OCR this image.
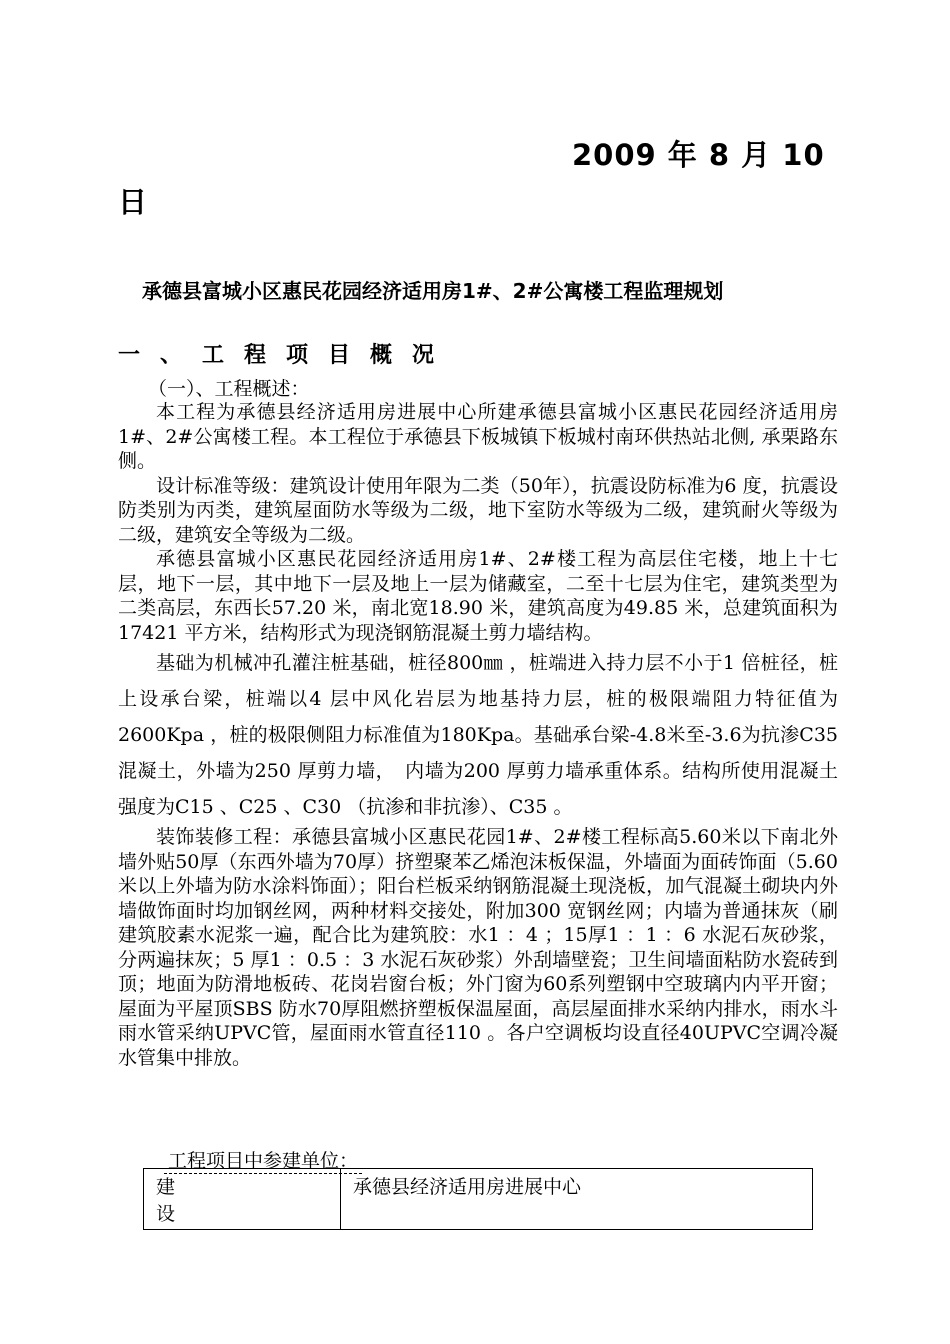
2009 年 8 月 10
日
承德县富城小区惠民花园经济适用房1#、2#公寓楼工程监理规划
一、工程项目概况
（一）、工程概述：

本工程为承德县经济适用房进展中心所建承德县富城小区惠民花园经济适用房1#、2#公寓楼工程。本工程位于承德县下板城镇下板城村南环供热站北侧, 承栗路东侧。

设计标准等级：建筑设计使用年限为二类（50年），抗震设防标准为6 度，抗震设防类别为丙类，建筑屋面防水等级为二级，地下室防水等级为二级，建筑耐火等级为二级，建筑安全等级为二级。

承德县富城小区惠民花园经济适用房1#、2#楼工程为高层住宅楼，地上十七层，地下一层，其中地下一层及地上一层为储藏室，二至十七层为住宅，建筑类型为二类高层，东西长57.20 米，南北宽18.90 米，建筑高度为49.85 米，总建筑面积为17421 平方米，结构形式为现浇钢筋混凝土剪力墙结构。

基础为机械冲孔灌注桩基础，桩径800㎜ ，桩端进入持力层不小于1 倍桩径，桩上设承台梁，桩端以4 层中风化岩层为地基持力层，桩的极限端阻力特征值为2600Kpa ，桩的极限侧阻力标准值为180Kpa。基础承台梁-4.8米至-3.6为抗渗C35 混凝土，外墙为250 厚剪力墙，　内墙为200 厚剪力墙承重体系。结构所使用混凝土强度为C15 、C25 、C30 （抗渗和非抗渗）、C35 。

装饰装修工程：承德县富城小区惠民花园1#、2#楼工程标高5.60米以下南北外墙外贴50厚（东西外墙为70厚）挤塑聚苯乙烯泡沫板保温，外墙面为面砖饰面（5.60米以上外墙为防水涂料饰面）；阳台栏板采纳钢筋混凝土现浇板，加气混凝土砌块内外墙做饰面时均加钢丝网，两种材料交接处，附加300 宽钢丝网；内墙为普通抹灰（刷建筑胶素水泥浆一遍，配合比为建筑胶：水1 ：4 ；15厚1 ：1 ：6 水泥石灰砂浆，分两遍抹灰；5 厚1 ：0.5 ：3 水泥石灰砂浆）外刮墙壁瓷；卫生间墙面粘防水瓷砖到顶；地面为防滑地板砖、花岗岩窗台板；外门窗为60系列塑钢中空玻璃内内平开窗；屋面为平屋顶SBS 防水70厚阻燃挤塑板保温屋面，高层屋面排水采纳内排水，雨水斗雨水管采纳UPVC管，屋面雨水管直径110 。各户空调板均设直径40UPVC空调冷凝水管集中排放。

工程项目中参建单位：
建设	承德县经济适用房进展中心
